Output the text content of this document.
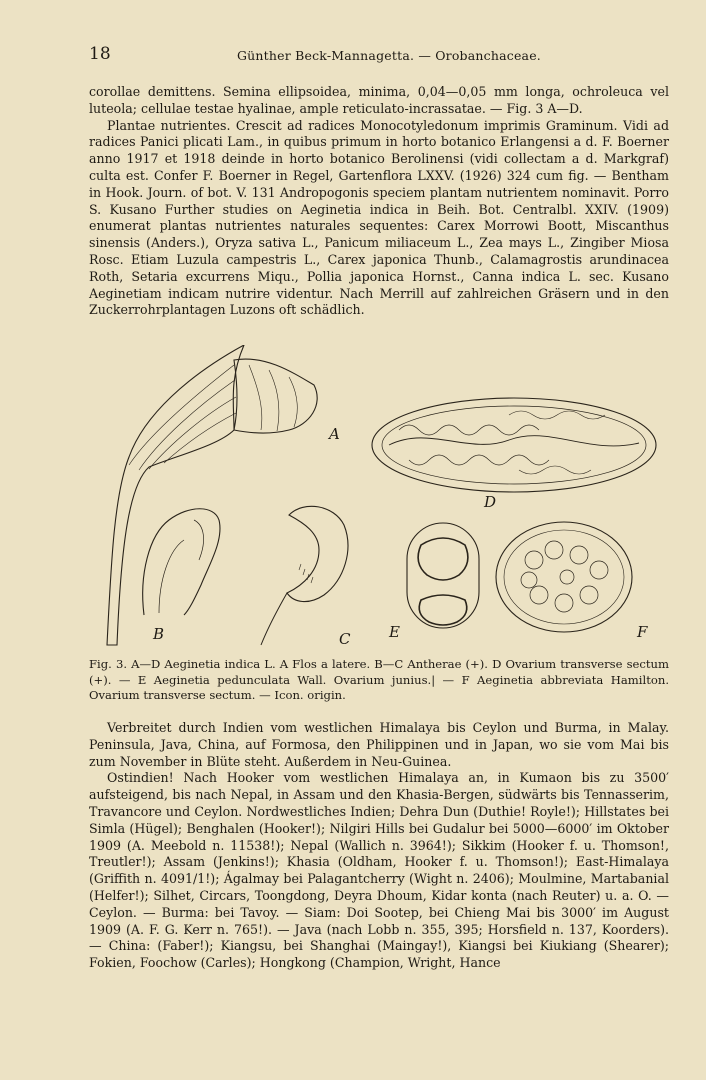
18	Günther Beck-Mannagetta. — Orobanchaceae.

corollae demittens. Semina ellipsoidea, minima, 0,04—0,05 mm longa, ochroleuca vel luteola; cellulae testae hyalinae, ample reticulato-incrassatae. — Fig. 3 A—D.

Plantae nutrientes. Crescit ad radices Monocotyledonum imprimis Graminum. Vidi ad radices Panici plicati Lam., in quibus primum in horto botanico Erlangensi a d. F. Boerner anno 1917 et 1918 deinde in horto botanico Berolinensi (vidi collectam a d. Markgraf) culta est. Confer F. Boerner in Regel, Gartenflora LXXV. (1926) 324 cum fig. — Bentham in Hook. Journ. of bot. V. 131 Andropogonis speciem plantam nutrientem nominavit. Porro S. Kusano Further studies on Aeginetia indica in Beih. Bot. Centralbl. XXIV. (1909) enumerat plantas nutrientes naturales sequentes: Carex Morrowi Boott, Miscanthus sinensis (Anders.), Oryza sativa L., Panicum miliaceum L., Zea mays L., Zingiber Miosa Rosc. Etiam Luzula campestris L., Carex japonica Thunb., Calamagrostis arundinacea Roth, Setaria excurrens Miqu., Pollia japonica Hornst., Canna indica L. sec. Kusano Aeginetiam indicam nutrire videntur. Nach Merrill auf zahlreichen Gräsern und in den Zuckerrohrplantagen Luzons oft schädlich.

A
D
B	C	E	F

Fig. 3. A—D Aeginetia indica L. A Flos a latere. B—C Antherae (+). D Ovarium transverse sectum (+). — E Aeginetia pedunculata Wall. Ovarium junius.| — F Aeginetia abbreviata Hamilton. Ovarium transverse sectum. — Icon. origin.

Verbreitet durch Indien vom westlichen Himalaya bis Ceylon und Burma, in Malay. Peninsula, Java, China, auf Formosa, den Philippinen und in Japan, wo sie vom Mai bis zum November in Blüte steht. Außerdem in Neu-Guinea.

Ostindien! Nach Hooker vom westlichen Himalaya an, in Kumaon bis zu 3500′ aufsteigend, bis nach Nepal, in Assam und den Khasia-Bergen, südwärts bis Tennasserim, Travancore und Ceylon. Nordwestliches Indien; Dehra Dun (Duthie! Royle!); Hillstates bei Simla (Hügel); Benghalen (Hooker!); Nilgiri Hills bei Gudalur bei 5000—6000′ im Oktober 1909 (A. Meebold n. 11538!); Nepal (Wallich n. 3964!); Sikkim (Hooker f. u. Thomson!, Treutler!); Assam (Jenkins!); Khasia (Oldham, Hooker f. u. Thomson!); East-Himalaya (Griffith n. 4091/1!); Ágalmay bei Palagantcherry (Wight n. 2406); Moulmine, Martabanial (Helfer!); Silhet, Circars, Toongdong, Deyra Dhoum, Kidar konta (nach Reuter) u. a. O. — Ceylon. — Burma: bei Tavoy. — Siam: Doi Sootep, bei Chieng Mai bis 3000′ im August 1909 (A. F. G. Kerr n. 765!). — Java (nach Lobb n. 355, 395; Horsfield n. 137, Koorders). — China: (Faber!); Kiangsu, bei Shanghai (Maingay!), Kiangsi bei Kiukiang (Shearer); Fokien, Foochow (Carles); Hongkong (Champion, Wright, Hance
